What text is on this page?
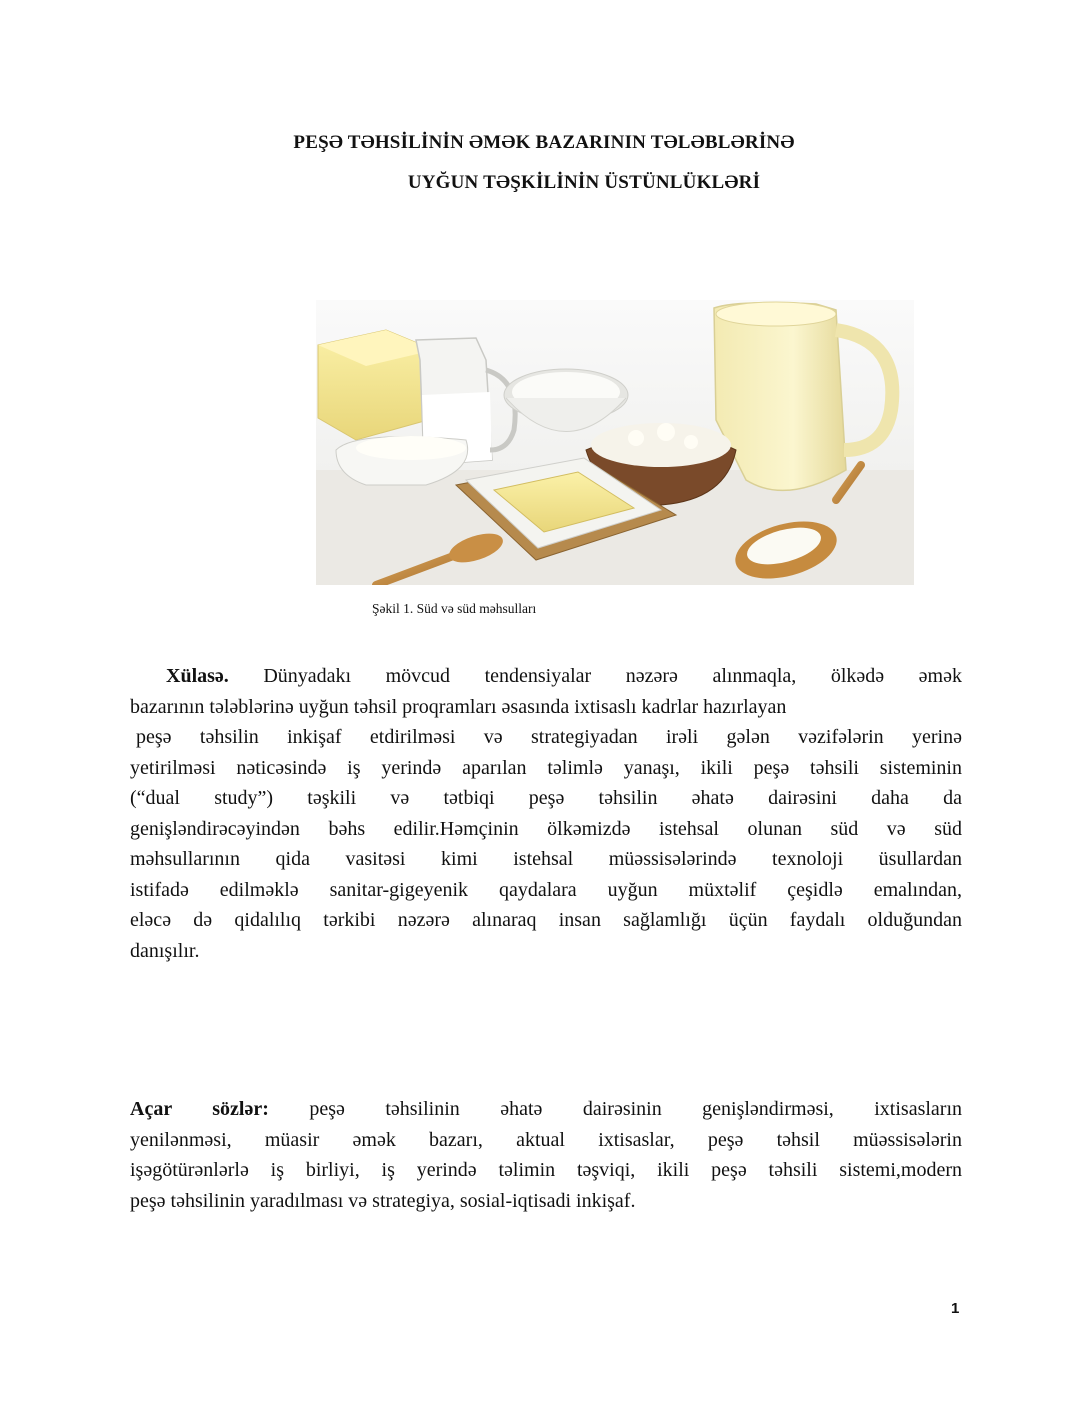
PEŞƏ TƏHSİLİNİN ƏMƏK BAZARININ TƏLƏBLƏRİNƏ
UYĞUN TƏŞKİLİNİN ÜSTÜNLÜKLƏRİ
Şəkil 1. Süd və süd məhsulları
Xülasə. Dünyadakı mövcud tendensiyalar nəzərə alınmaqla, ölkədə əmək
bazarının tələblərinə uyğun təhsil proqramları əsasında ixtisaslı kadrlar hazırlayan
peşə təhsilin inkişaf etdirilməsi və strategiyadan irəli gələn vəzifələrin yerinə
yetirilməsi nəticəsində iş yerində aparılan təlimlə yanaşı, ikili peşə təhsili sisteminin
(“dual study”) təşkili və tətbiqi peşə təhsilin əhatə dairəsini daha da
genişləndirəcəyindən bəhs edilir.Həmçinin ölkəmizdə istehsal olunan süd və süd
məhsullarının qida vasitəsi kimi istehsal müəssisələrində texnoloji üsullardan
istifadə edilməklə sanitar-gigeyenik qaydalara uyğun müxtəlif çeşidlə emalından,
eləcə də qidalılıq tərkibi nəzərə alınaraq insan sağlamlığı üçün faydalı olduğundan
danışılır.
Açar sözlər: peşə təhsilinin əhatə dairəsinin genişləndirməsi, ixtisasların
yenilənməsi, müasir əmək bazarı, aktual ixtisaslar, peşə təhsil müəssisələrin
işəgötürənlərlə iş birliyi, iş yerində təlimin təşviqi, ikili peşə təhsili sistemi,modern
peşə təhsilinin yaradılması və strategiya, sosial-iqtisadi inkişaf.
1
